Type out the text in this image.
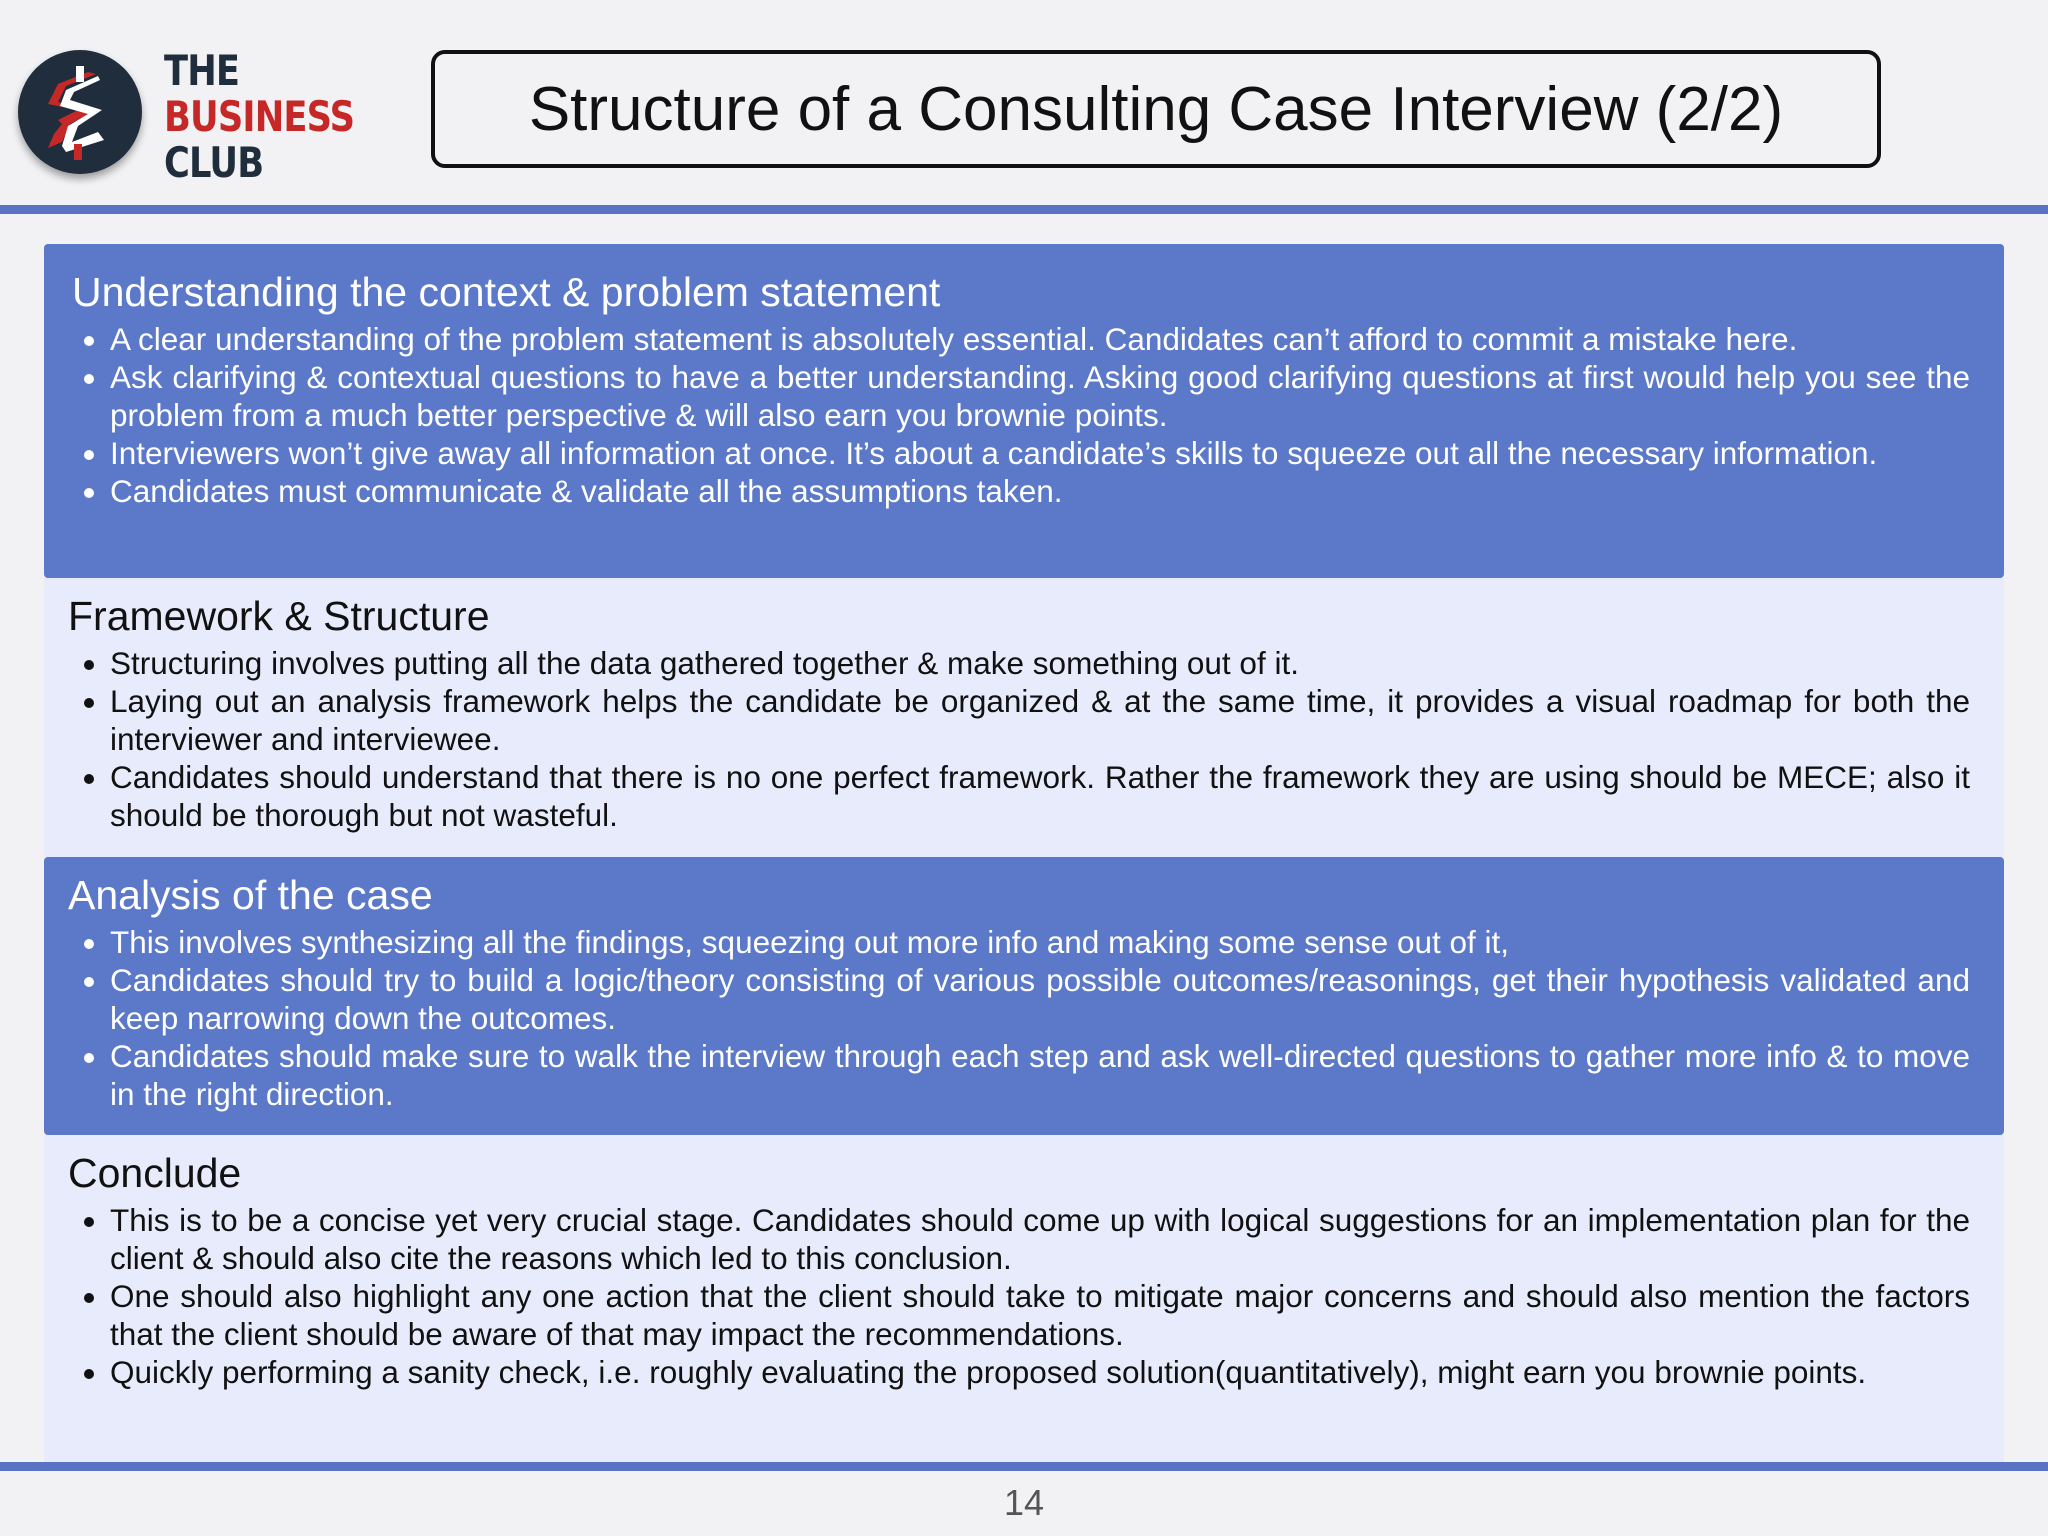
THE
BUSINESS
CLUB
Structure of a Consulting Case Interview (2/2)
Understanding the context & problem statement
• A clear understanding of the problem statement is absolutely essential. Candidates can’t afford to commit a mistake here.
• Ask clarifying & contextual questions to have a better understanding. Asking good clarifying questions at first would help you see the problem from a much better perspective & will also earn you brownie points.
• Interviewers won’t give away all information at once. It’s about a candidate’s skills to squeeze out all the necessary information.
• Candidates must communicate & validate all the assumptions taken.
Framework & Structure
• Structuring involves putting all the data gathered together & make something out of it.
• Laying out an analysis framework helps the candidate be organized & at the same time, it provides a visual roadmap for both the interviewer and interviewee.
• Candidates should understand that there is no one perfect framework. Rather the framework they are using should be MECE; also it should be thorough but not wasteful.
Analysis of the case
• This involves synthesizing all the findings, squeezing out more info and making some sense out of it,
• Candidates should try to build a logic/theory consisting of various possible outcomes/reasonings, get their hypothesis validated and keep narrowing down the outcomes.
• Candidates should make sure to walk the interview through each step and ask well-directed questions to gather more info & to move in the right direction.
Conclude
• This is to be a concise yet very crucial stage. Candidates should come up with logical suggestions for an implementation plan for the client & should also cite the reasons which led to this conclusion.
• One should also highlight any one action that the client should take to mitigate major concerns and should also mention the factors that the client should be aware of that may impact the recommendations.
• Quickly performing a sanity check, i.e. roughly evaluating the proposed solution(quantitatively), might earn you brownie points.
14
